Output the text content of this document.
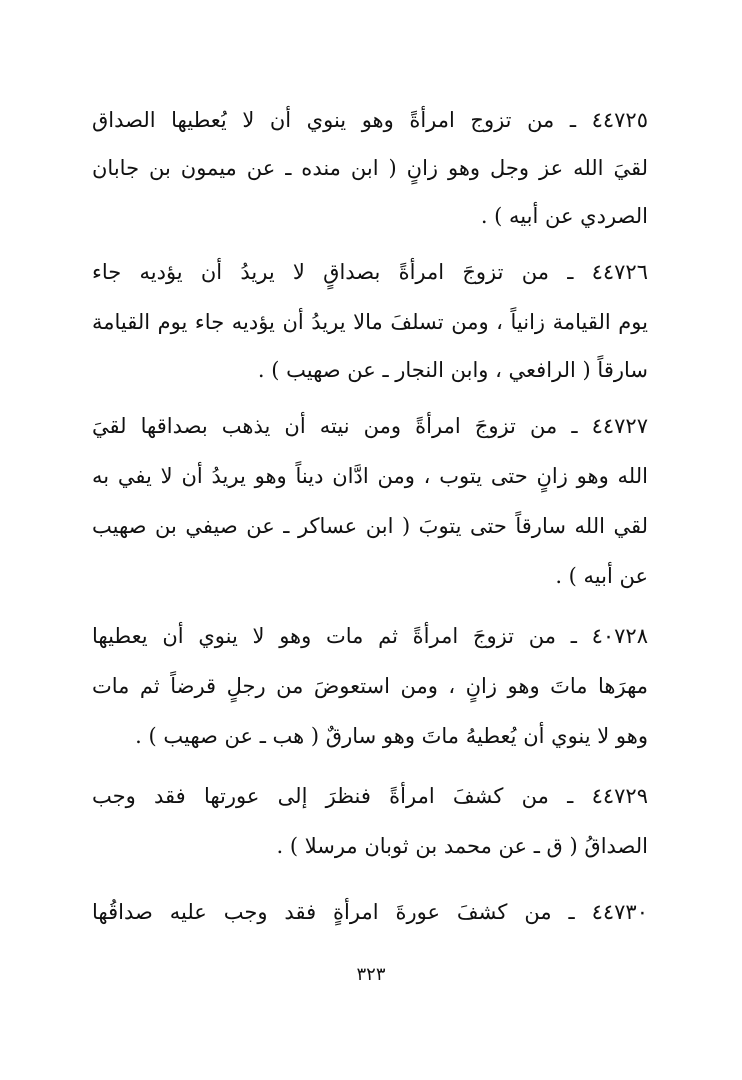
٤٤٧٢٥ ـ من تزوج امرأةً وهو ينوي أن لا يُعطيها الصداق
لقيَ الله عز وجل وهو زانٍ ( ابن منده ـ عن ميمون بن جابان
الصردي عن أبيه ) .
٤٤٧٢٦ ـ من تزوجَ امرأةً بصداقٍ لا يريدُ أن يؤديه جاء
يوم القيامة زانياً ، ومن تسلفَ مالا يريدُ أن يؤديه جاء يوم القيامة
سارقاً ( الرافعي ، وابن النجار ـ عن صهيب ) .
٤٤٧٢٧ ـ من تزوجَ امرأةً ومن نيته أن يذهب بصداقها لقيَ
الله وهو زانٍ حتى يتوب ، ومن ادَّان ديناً وهو يريدُ أن لا يفي به
لقي الله سارقاً حتى يتوبَ ( ابن عساكر ـ عن صيفي بن صهيب
عن أبيه ) .
٤٠٧٢٨ ـ من تزوجَ امرأةً ثم مات وهو لا ينوي أن يعطيها
مهرَها ماتَ وهو زانٍ ، ومن استعوضَ من رجلٍ قرضاً ثم مات
وهو لا ينوي أن يُعطيهُ ماتَ وهو سارقٌ ( هب ـ عن صهيب ) .
٤٤٧٢٩ ـ من كشفَ امرأةً فنظرَ إلى عورتها فقد وجب
الصداقُ ( ق ـ عن محمد بن ثوبان مرسلا ) .
٤٤٧٣٠ ـ من كشفَ عورةَ امرأةٍ فقد وجب عليه صداقُها
٣٢٣
